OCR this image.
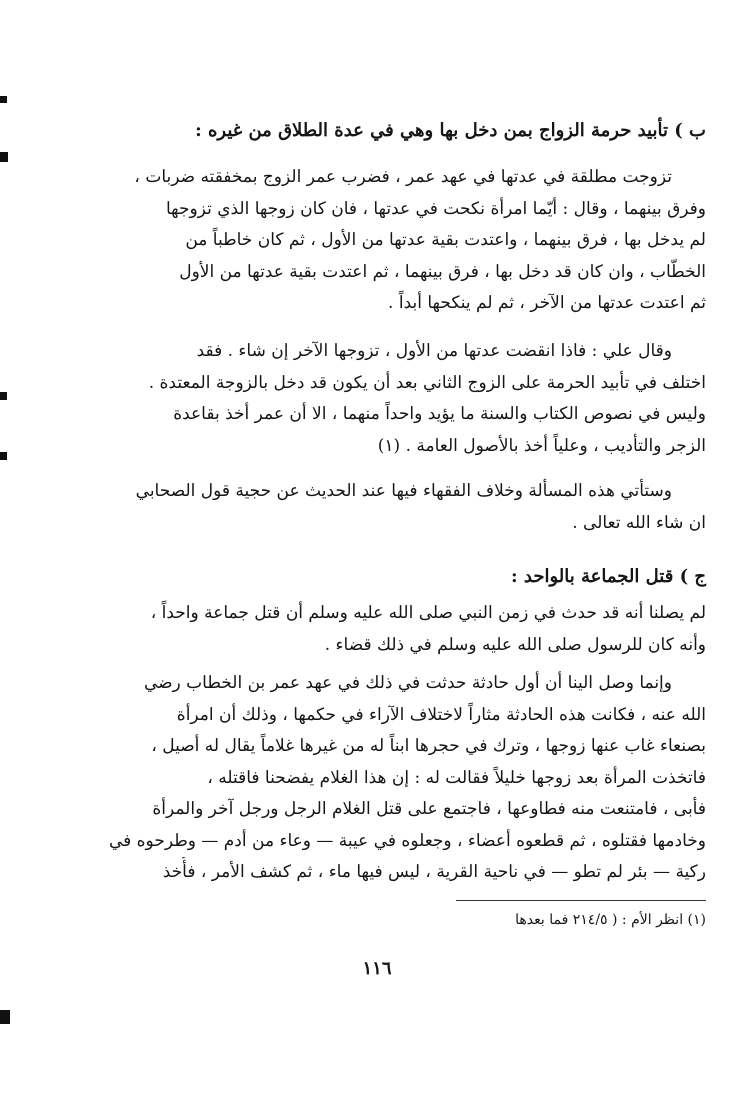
ب ) تأبيد حرمة الزواج بمن دخل بها وهي في عدة الطلاق من غيره :
تزوجت مطلقة في عدتها في عهد عمر ، فضرب عمر الزوج بمخفقته ضربات ،
وفرق بينهما ، وقال : أيّما امرأة نكحت في عدتها ، فان كان زوجها الذي تزوجها
لم يدخل بها ، فرق بينهما ، واعتدت بقية عدتها من الأول ، ثم كان خاطباً من
الخطّاب ، وان كان قد دخل بها ، فرق بينهما ، ثم اعتدت بقية عدتها من الأول
ثم اعتدت عدتها من الآخر ، ثم لم ينكحها أبداً .
وقال علي : فاذا انقضت عدتها من الأول ، تزوجها الآخر إن شاء . فقد
اختلف في تأبيد الحرمة على الزوج الثاني بعد أن يكون قد دخل بالزوجة المعتدة .
وليس في نصوص الكتاب والسنة ما يؤيد واحداً منهما ، الا أن عمر أخذ بقاعدة
الزجر والتأديب ، وعلياً أخذ بالأصول العامة . (١)
وستأتي هذه المسألة وخلاف الفقهاء فيها عند الحديث عن حجية قول الصحابي
ان شاء الله تعالى .
ج ) قتل الجماعة بالواحد :
لم يصلنا أنه قد حدث في زمن النبي صلى الله عليه وسلم أن قتل جماعة واحداً ،
وأنه كان للرسول صلى الله عليه وسلم في ذلك قضاء .
وإنما وصل الينا أن أول حادثة حدثت في ذلك في عهد عمر بن الخطاب رضي
الله عنه ، فكانت هذه الحادثة مثاراً لاختلاف الآراء في حكمها ، وذلك أن امرأة
بصنعاء غاب عنها زوجها ، وترك في حجرها ابناً له من غيرها غلاماً يقال له أصيل ،
فاتخذت المرأة بعد زوجها خليلاً فقالت له : إن هذا الغلام يفضحنا فاقتله ،
فأبى ، فامتنعت منه فطاوعها ، فاجتمع على قتل الغلام الرجل ورجل آخر والمرأة
وخادمها فقتلوه ، ثم قطعوه أعضاء ، وجعلوه في عيبة — وعاء من أدم — وطرحوه في
ركية — بئر لم تطو — في ناحية القرية ، ليس فيها ماء ، ثم كشف الأمر ، فأُخذ
(١) انظر الأم : ( ٢١٤/٥ فما بعدها
١١٦
